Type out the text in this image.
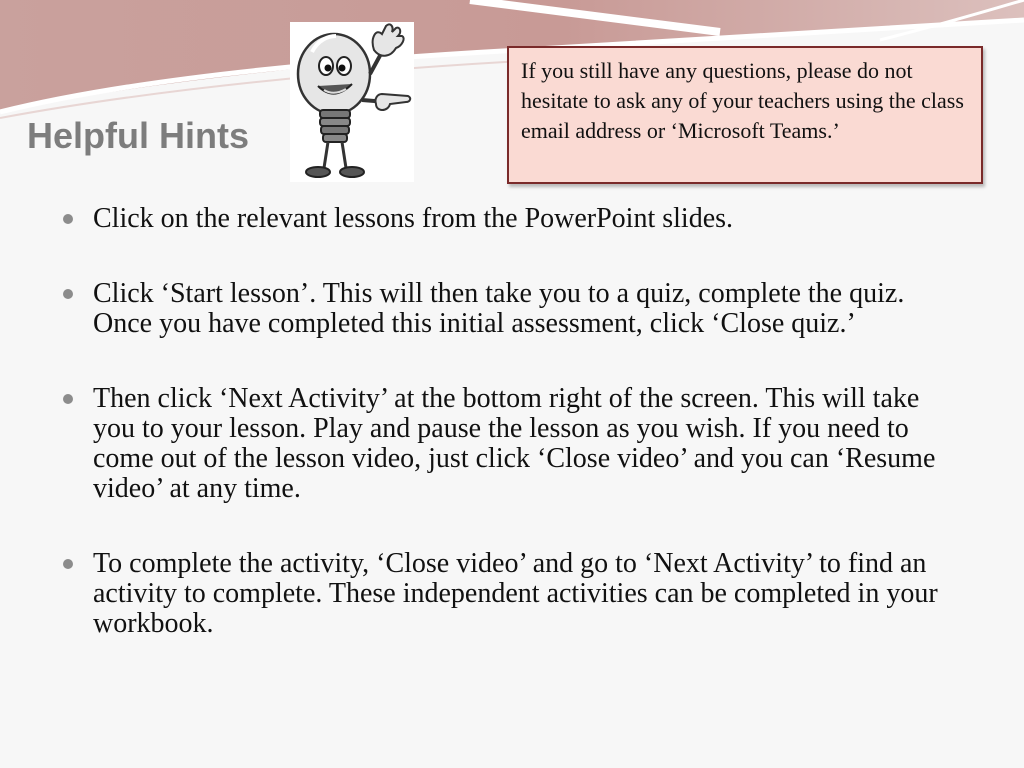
Helpful Hints
If you still have any questions, please do not hesitate to ask any of your teachers using the class email address or ‘Microsoft Teams.’
Click on the relevant lessons from the PowerPoint slides.
Click ‘Start lesson’. This will then take you to a quiz, complete the quiz. Once you have completed this initial assessment, click ‘Close quiz.’
Then click ‘Next Activity’ at the bottom right of the screen. This will take you to your lesson. Play and pause the lesson as you wish. If you need to come out of the lesson video, just click ‘Close video’ and you can ‘Resume video’ at any time.
To complete the activity, ‘Close video’ and go to ‘Next Activity’ to find an activity to complete. These independent activities can be completed in your workbook.
